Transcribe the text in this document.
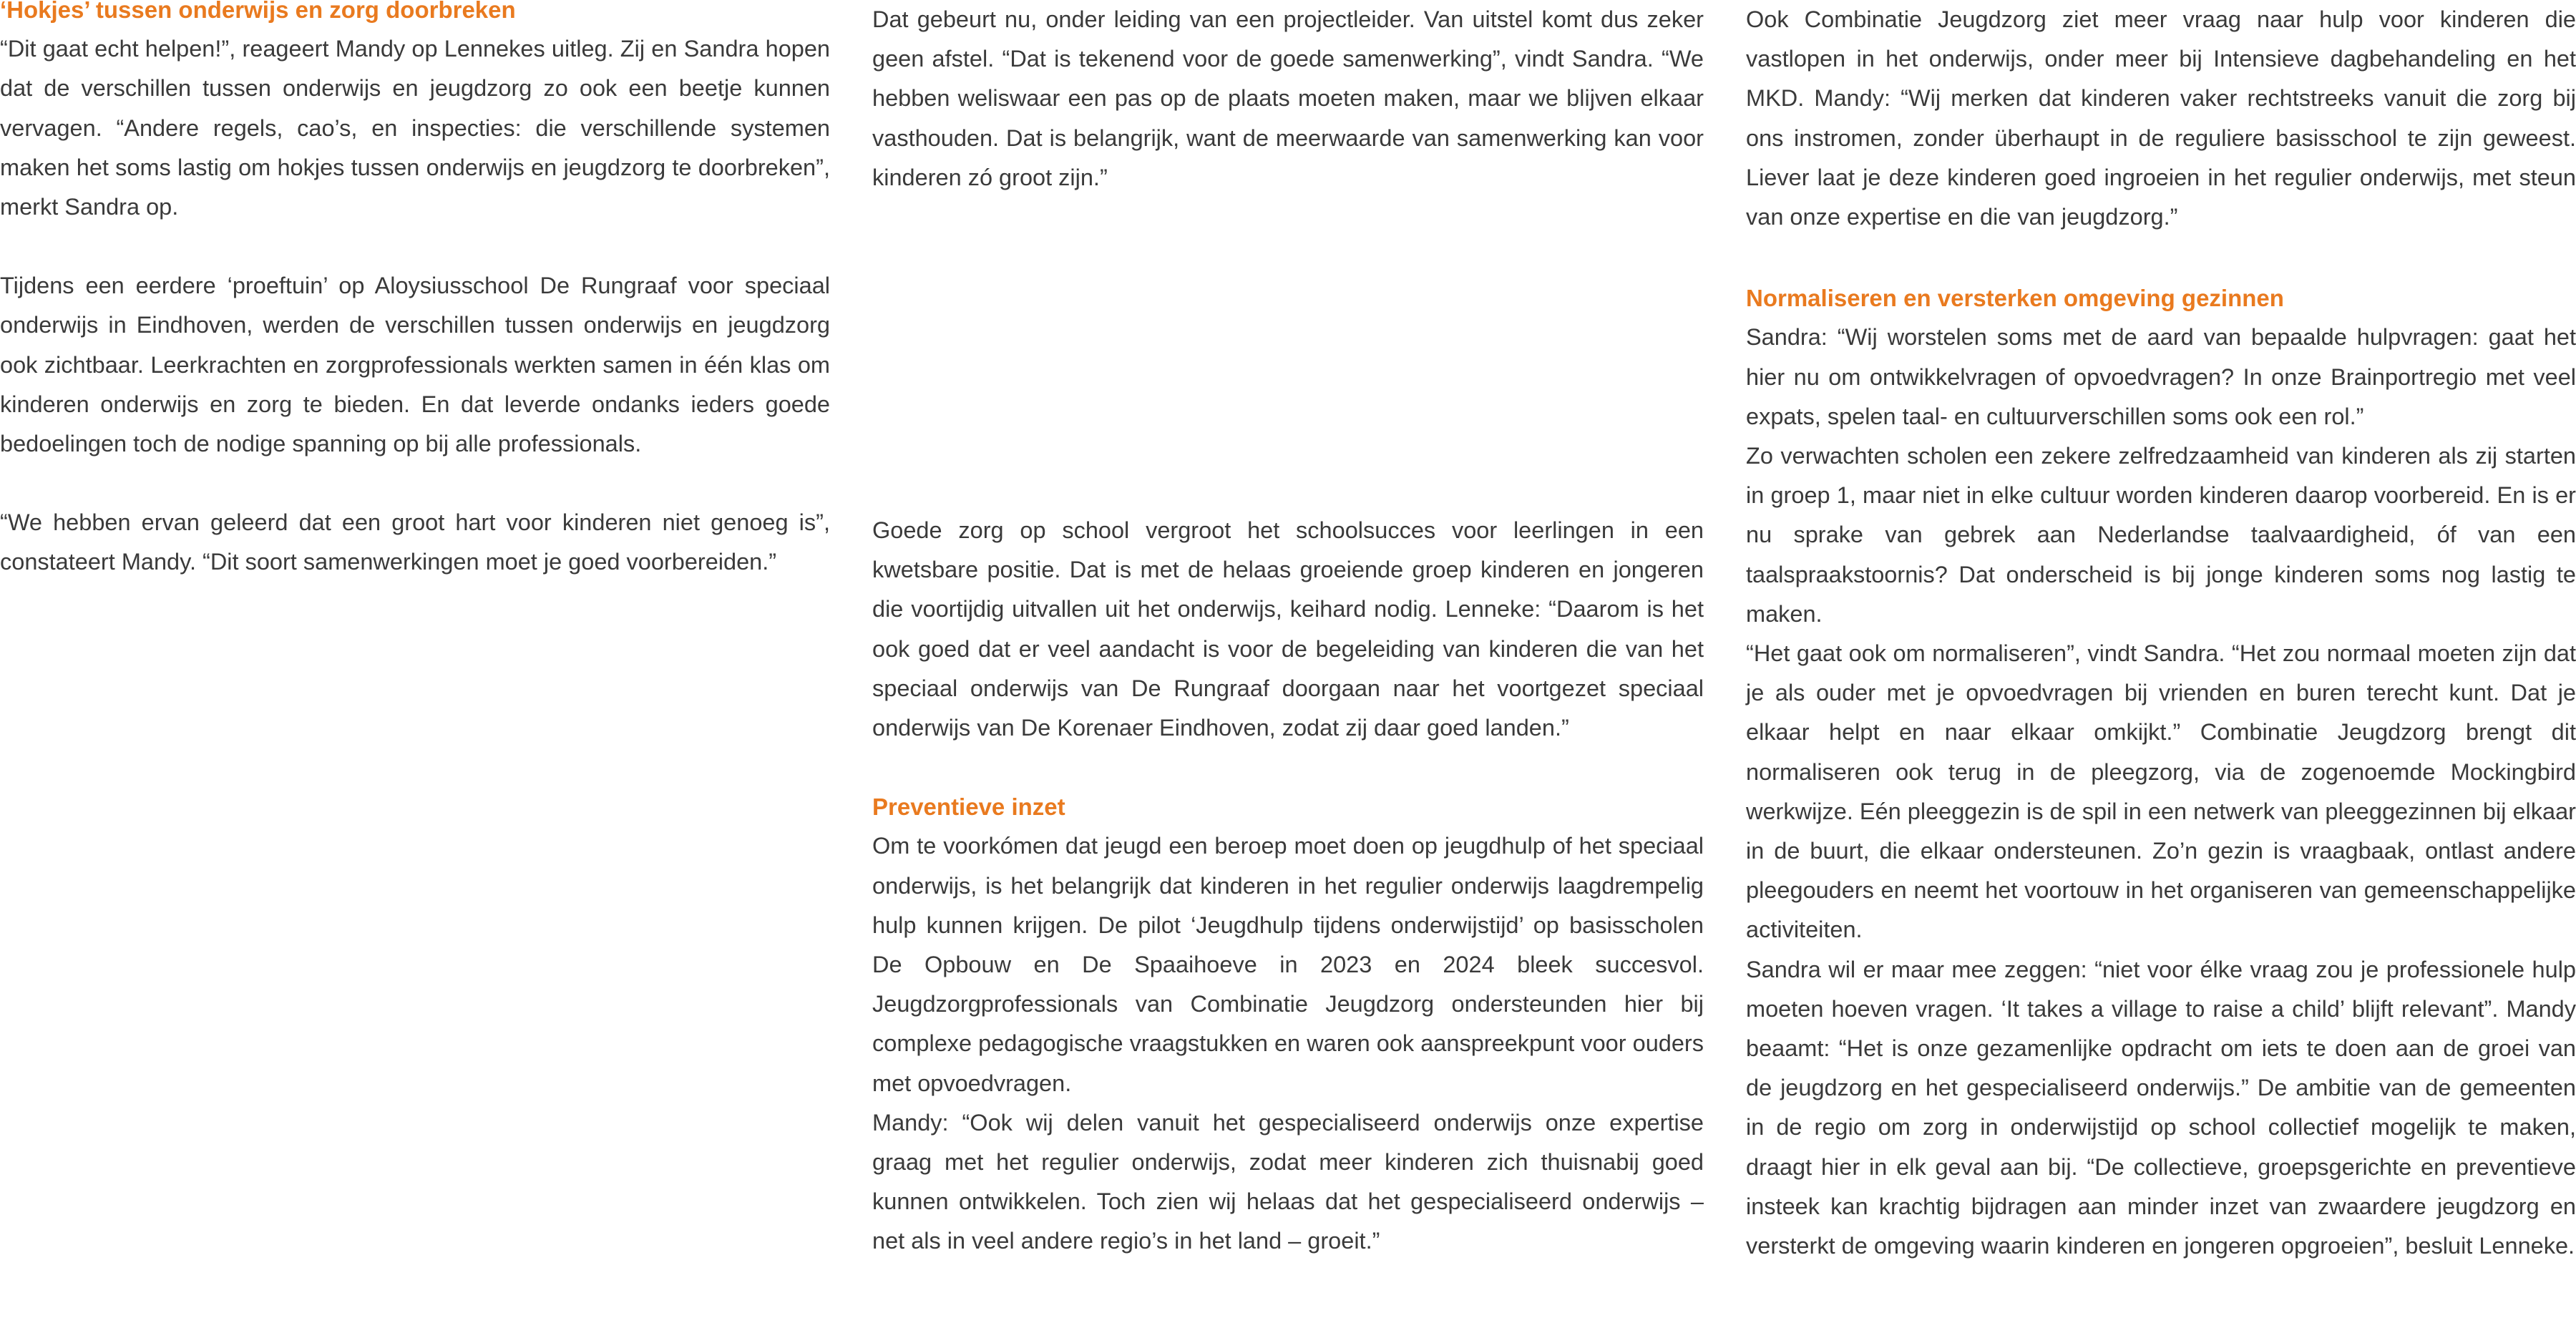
‘Hokjes’ tussen onderwijs en zorg doorbreken

“Dit gaat echt helpen!”, reageert Mandy op Lennekes uitleg. Zij en Sandra hopen dat de verschillen tussen onderwijs en jeugdzorg zo ook een beetje kunnen vervagen. “Andere regels, cao’s, en inspecties: die verschillende systemen maken het soms lastig om hokjes tussen onderwijs en jeugdzorg te doorbreken”, merkt Sandra op.

Tijdens een eerdere ‘proeftuin’ op Aloysiusschool De Rungraaf voor speciaal onderwijs in Eindhoven, werden de verschillen tussen onderwijs en jeugdzorg ook zichtbaar. Leerkrachten en zorgprofessionals werkten samen in één klas om kinderen onderwijs en zorg te bieden. En dat leverde ondanks ieders goede bedoelingen toch de nodige spanning op bij alle professionals.

“We hebben ervan geleerd dat een groot hart voor kinderen niet genoeg is”, constateert Mandy. “Dit soort samenwerkingen moet je goed voorbereiden.”

Dat gebeurt nu, onder leiding van een projectleider. Van uitstel komt dus zeker geen afstel. “Dat is tekenend voor de goede samenwerking”, vindt Sandra. “We hebben weliswaar een pas op de plaats moeten maken, maar we blijven elkaar vasthouden. Dat is belangrijk, want de meerwaarde van samenwerking kan voor kinderen zó groot zijn.”

Goede zorg op school vergroot het schoolsucces voor leerlingen in een kwetsbare positie. Dat is met de helaas groeiende groep kinderen en jongeren die voortijdig uitvallen uit het onderwijs, keihard nodig. Lenneke: “Daarom is het ook goed dat er veel aandacht is voor de begeleiding van kinderen die van het speciaal onderwijs van De Rungraaf doorgaan naar het voortgezet speciaal onderwijs van De Korenaer Eindhoven, zodat zij daar goed landen.”

Preventieve inzet

Om te voorkómen dat jeugd een beroep moet doen op jeugdhulp of het speciaal onderwijs, is het belangrijk dat kinderen in het regulier onderwijs laagdrempelig hulp kunnen krijgen. De pilot ‘Jeugdhulp tijdens onderwijstijd’ op basisscholen De Opbouw en De Spaaihoeve in 2023 en 2024 bleek succesvol. Jeugdzorgprofessionals van Combinatie Jeugdzorg ondersteunden hier bij complexe pedagogische vraagstukken en waren ook aanspreekpunt voor ouders met opvoedvragen.

Mandy: “Ook wij delen vanuit het gespecialiseerd onderwijs onze expertise graag met het regulier onderwijs, zodat meer kinderen zich thuisnabij goed kunnen ontwikkelen. Toch zien wij helaas dat het gespecialiseerd onderwijs – net als in veel andere regio’s in het land – groeit.”

Ook Combinatie Jeugdzorg ziet meer vraag naar hulp voor kinderen die vastlopen in het onderwijs, onder meer bij Intensieve dagbehandeling en het MKD. Mandy: “Wij merken dat kinderen vaker rechtstreeks vanuit die zorg bij ons instromen, zonder überhaupt in de reguliere basisschool te zijn geweest. Liever laat je deze kinderen goed ingroeien in het regulier onderwijs, met steun van onze expertise en die van jeugdzorg.”

Normaliseren en versterken omgeving gezinnen

Sandra: “Wij worstelen soms met de aard van bepaalde hulpvragen: gaat het hier nu om ontwikkelvragen of opvoedvragen? In onze Brainportregio met veel expats, spelen taal- en cultuurverschillen soms ook een rol.”

Zo verwachten scholen een zekere zelfredzaamheid van kinderen als zij starten in groep 1, maar niet in elke cultuur worden kinderen daarop voorbereid. En is er nu sprake van gebrek aan Nederlandse taalvaardigheid, óf van een taalspraakstoornis? Dat onderscheid is bij jonge kinderen soms nog lastig te maken.

“Het gaat ook om normaliseren”, vindt Sandra. “Het zou normaal moeten zijn dat je als ouder met je opvoedvragen bij vrienden en buren terecht kunt. Dat je elkaar helpt en naar elkaar omkijkt.” Combinatie Jeugdzorg brengt dit normaliseren ook terug in de pleegzorg, via de zogenoemde Mockingbird werkwijze. Eén pleeggezin is de spil in een netwerk van pleeggezinnen bij elkaar in de buurt, die elkaar ondersteunen. Zo’n gezin is vraagbaak, ontlast andere pleegouders en neemt het voortouw in het organiseren van gemeenschappelijke activiteiten.

Sandra wil er maar mee zeggen: “niet voor élke vraag zou je professionele hulp moeten hoeven vragen. ‘It takes a village to raise a child’ blijft relevant”. Mandy beaamt: “Het is onze gezamenlijke opdracht om iets te doen aan de groei van de jeugdzorg en het gespecialiseerd onderwijs.” De ambitie van de gemeenten in de regio om zorg in onderwijstijd op school collectief mogelijk te maken, draagt hier in elk geval aan bij. “De collectieve, groepsgerichte en preventieve insteek kan krachtig bijdragen aan minder inzet van zwaardere jeugdzorg en versterkt de omgeving waarin kinderen en jongeren opgroeien”, besluit Lenneke.
